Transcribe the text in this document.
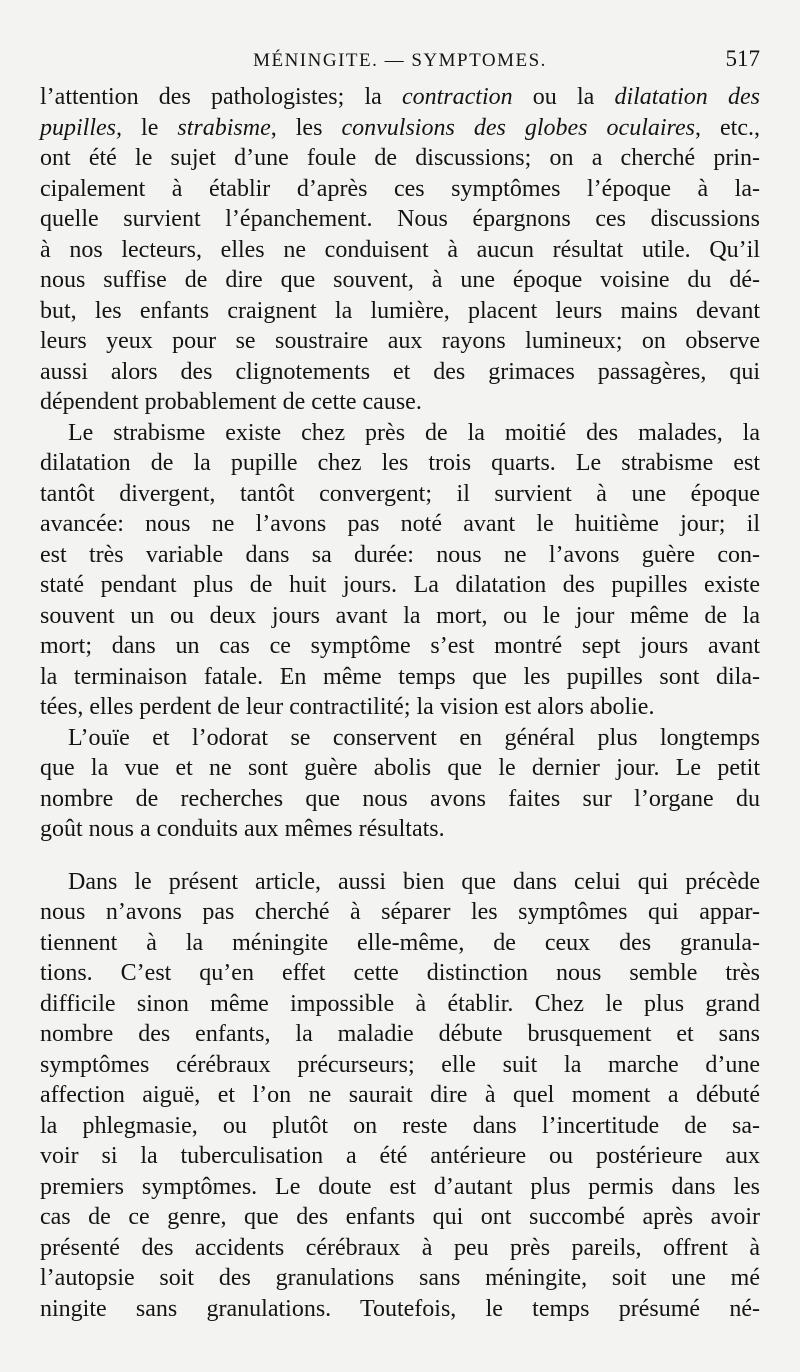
MÉNINGITE. — SYMPTOMES.	517
l’attention des pathologistes; la contraction ou la dilatation des
pupilles, le strabisme, les convulsions des globes oculaires, etc.,
ont été le sujet d’une foule de discussions; on a cherché prin-
cipalement à établir d’après ces symptômes l’époque à la-
quelle survient l’épanchement. Nous épargnons ces discussions
à nos lecteurs, elles ne conduisent à aucun résultat utile. Qu’il
nous suffise de dire que souvent, à une époque voisine du dé-
but, les enfants craignent la lumière, placent leurs mains devant
leurs yeux pour se soustraire aux rayons lumineux; on observe
aussi alors des clignotements et des grimaces passagères, qui
dépendent probablement de cette cause.
Le strabisme existe chez près de la moitié des malades, la
dilatation de la pupille chez les trois quarts. Le strabisme est
tantôt divergent, tantôt convergent; il survient à une époque
avancée: nous ne l’avons pas noté avant le huitième jour; il
est très variable dans sa durée: nous ne l’avons guère con-
staté pendant plus de huit jours. La dilatation des pupilles existe
souvent un ou deux jours avant la mort, ou le jour même de la
mort; dans un cas ce symptôme s’est montré sept jours avant
la terminaison fatale. En même temps que les pupilles sont dila-
tées, elles perdent de leur contractilité; la vision est alors abolie.
L’ouïe et l’odorat se conservent en général plus longtemps
que la vue et ne sont guère abolis que le dernier jour. Le petit
nombre de recherches que nous avons faites sur l’organe du
goût nous a conduits aux mêmes résultats.
Dans le présent article, aussi bien que dans celui qui précède
nous n’avons pas cherché à séparer les symptômes qui appar-
tiennent à la méningite elle-même, de ceux des granula-
tions. C’est qu’en effet cette distinction nous semble très
difficile sinon même impossible à établir. Chez le plus grand
nombre des enfants, la maladie débute brusquement et sans
symptômes cérébraux précurseurs; elle suit la marche d’une
affection aiguë, et l’on ne saurait dire à quel moment a débuté
la phlegmasie, ou plutôt on reste dans l’incertitude de sa-
voir si la tuberculisation a été antérieure ou postérieure aux
premiers symptômes. Le doute est d’autant plus permis dans les
cas de ce genre, que des enfants qui ont succombé après avoir
présenté des accidents cérébraux à peu près pareils, offrent à
l’autopsie soit des granulations sans méningite, soit une mé
ningite sans granulations. Toutefois, le temps présumé né-
